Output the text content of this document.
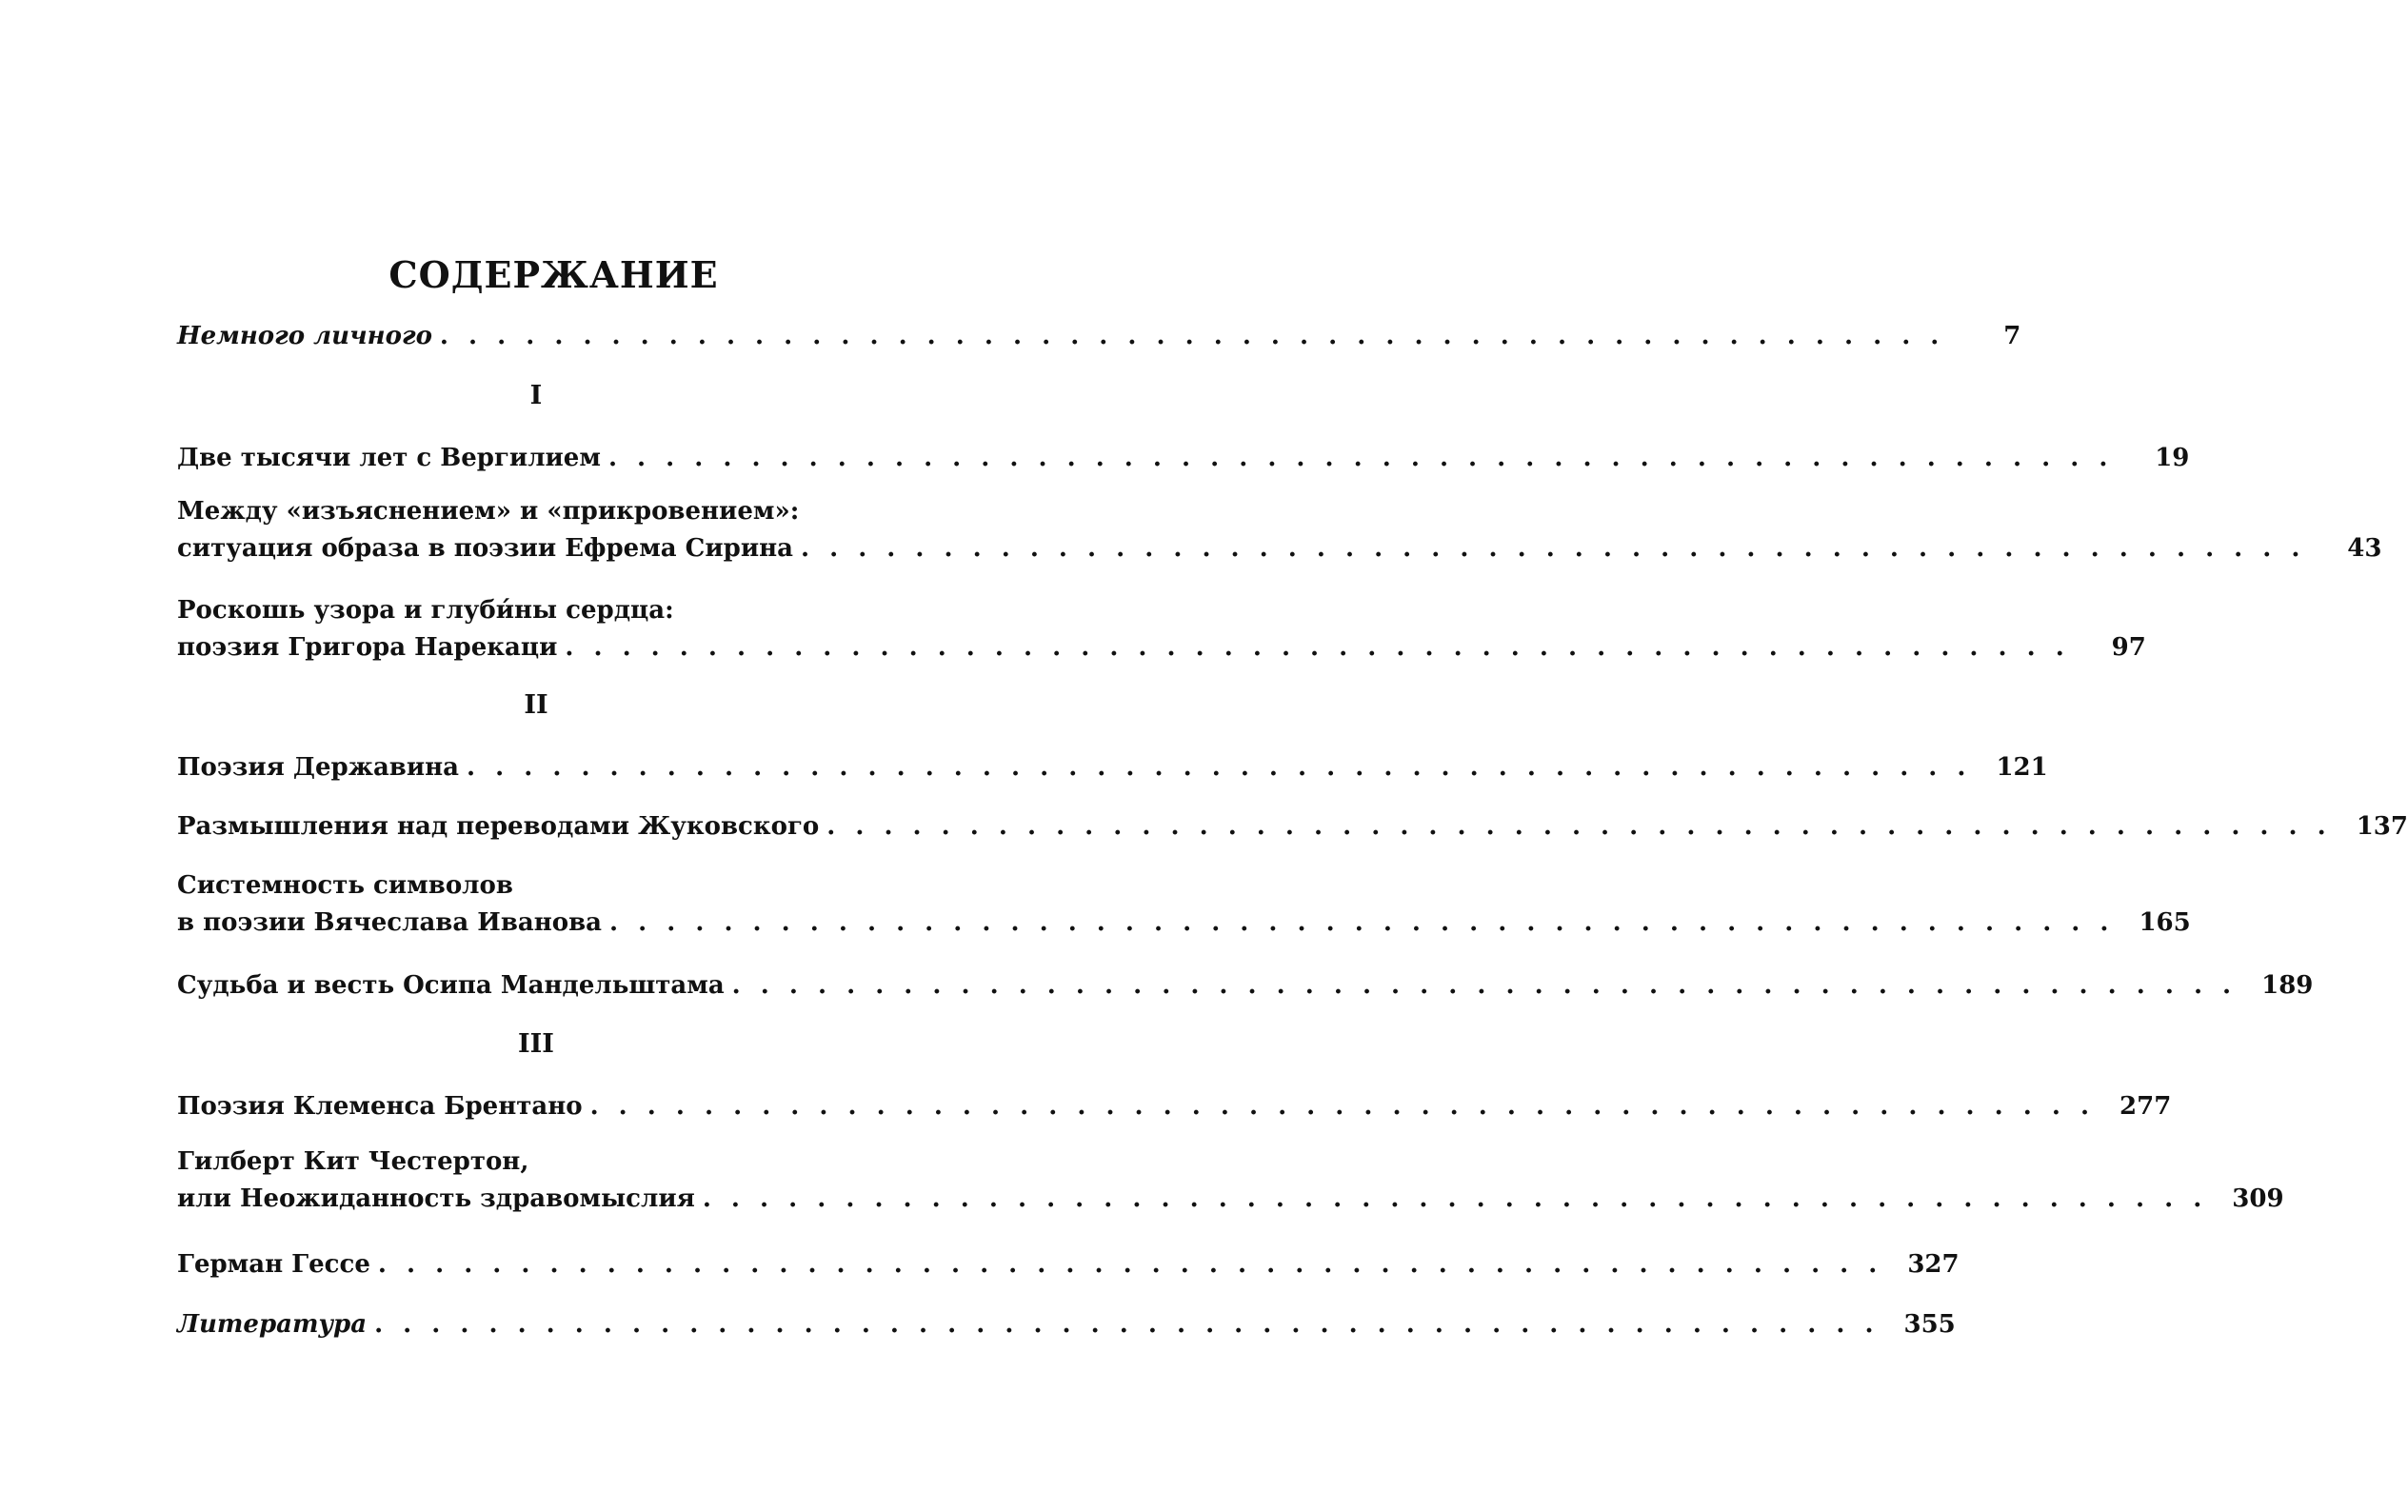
СОДЕРЖАНИЕ
Немного личного . . . . . . . . . . . . . . . . . . . . . . . . . . . . . . . . . . . . . . . . . . . . . . . . . . . . .	7
I
Две тысячи лет с Вергилием . . . . . . . . . . . . . . . . . . . . . . . . . . . . . . . . . . . . . . . . . . . . . . . . . . . . .	19
Между «изъяснением» и «прикровением»:
ситуация образа в поэзии Ефрема Сирина . . . . . . . . . . . . . . . . . . . . . . . . . . . . . . . . . . . . . . . . . . . . . . . . . . . . .	43
Роскошь узора и глуби́ны сердца:
поэзия Григора Нарекаци . . . . . . . . . . . . . . . . . . . . . . . . . . . . . . . . . . . . . . . . . . . . . . . . . . . . .	97
II
Поэзия Державина . . . . . . . . . . . . . . . . . . . . . . . . . . . . . . . . . . . . . . . . . . . . . . . . . . . . . 121
Размышления над переводами Жуковского . . . . . . . . . . . . . . . . . . . . . . . . . . . . . . . . . . . . . . . . . . . . . . . . . . . . . 137
Системность символов
в поэзии Вячеслава Иванова . . . . . . . . . . . . . . . . . . . . . . . . . . . . . . . . . . . . . . . . . . . . . . . . . . . . . 165
Судьба и весть Осипа Мандельштама . . . . . . . . . . . . . . . . . . . . . . . . . . . . . . . . . . . . . . . . . . . . . . . . . . . . . 189
III
Поэзия Клеменса Брентано . . . . . . . . . . . . . . . . . . . . . . . . . . . . . . . . . . . . . . . . . . . . . . . . . . . . . 277
Гилберт Кит Честертон,
или Неожиданность здравомыслия . . . . . . . . . . . . . . . . . . . . . . . . . . . . . . . . . . . . . . . . . . . . . . . . . . . . . 309
Герман Гессе . . . . . . . . . . . . . . . . . . . . . . . . . . . . . . . . . . . . . . . . . . . . . . . . . . . . . 327
Литература . . . . . . . . . . . . . . . . . . . . . . . . . . . . . . . . . . . . . . . . . . . . . . . . . . . . . 355
